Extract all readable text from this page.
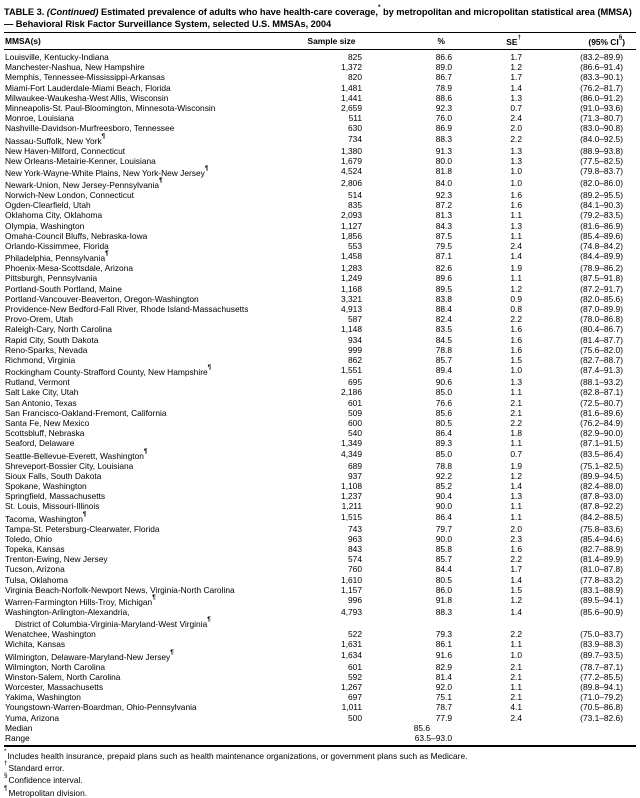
TABLE 3. (Continued) Estimated prevalence of adults who have health-care coverage,* by metropolitan and micropolitan statistical area (MMSA) — Behavioral Risk Factor Surveillance System, selected U.S. MMSAs, 2004
MMSA(s)	Sample size	%	SE†	(95% CI§)

Louisville, Kentucky-Indiana	825	86.6	1.7	(83.2–89.9)

Manchester-Nashua, New Hampshire	1,372	89.0	1.2	(86.6–91.4)

Memphis, Tennessee-Mississippi-Arkansas	820	86.7	1.7	(83.3–90.1)

Miami-Fort Lauderdale-Miami Beach, Florida	1,481	78.9	1.4	(76.2–81.7)

Milwaukee-Waukesha-West Allis, Wisconsin	1,441	88.6	1.3	(86.0–91.2)

Minneapolis-St. Paul-Bloomington, Minnesota-Wisconsin	2,659	92.3	0.7	(91.0–93.6)

Monroe, Louisiana	511	76.0	2.4	(71.3–80.7)

Nashville-Davidson-Murfreesboro, Tennessee	630	86.9	2.0	(83.0–90.8)

Nassau-Suffolk, New York¶	734	88.3	2.2	(84.0–92.5)

New Haven-Milford, Connecticut	1,380	91.3	1.3	(88.9–93.8)

New Orleans-Metairie-Kenner, Louisiana	1,679	80.0	1.3	(77.5–82.5)

New York-Wayne-White Plains, New York-New Jersey¶	4,524	81.8	1.0	(79.8–83.7)

Newark-Union, New Jersey-Pennsylvania¶	2,806	84.0	1.0	(82.0–86.0)

Norwich-New London, Connecticut	514	92.3	1.6	(89.2–95.5)

Ogden-Clearfield, Utah	835	87.2	1.6	(84.1–90.3)

Oklahoma City, Oklahoma	2,093	81.3	1.1	(79.2–83.5)

Olympia, Washington	1,127	84.3	1.3	(81.6–86.9)

Omaha-Council Bluffs, Nebraska-Iowa	1,856	87.5	1.1	(85.4–89.6)

Orlando-Kissimmee, Florida	553	79.5	2.4	(74.8–84.2)

Philadelphia, Pennsylvania¶	1,458	87.1	1.4	(84.4–89.9)

Phoenix-Mesa-Scottsdale, Arizona	1,283	82.6	1.9	(78.9–86.2)

Pittsburgh, Pennsylvania	1,249	89.6	1.1	(87.5–91.8)

Portland-South Portland, Maine	1,168	89.5	1.2	(87.2–91.7)

Portland-Vancouver-Beaverton, Oregon-Washington	3,321	83.8	0.9	(82.0–85.6)

Providence-New Bedford-Fall River, Rhode Island-Massachusetts	4,913	88.4	0.8	(87.0–89.9)

Provo-Orem, Utah	587	82.4	2.2	(78.0–86.8)

Raleigh-Cary, North Carolina	1,148	83.5	1.6	(80.4–86.7)

Rapid City, South Dakota	934	84.5	1.6	(81.4–87.7)

Reno-Sparks, Nevada	999	78.8	1.6	(75.6–82.0)

Richmond, Virginia	862	85.7	1.5	(82.7–88.7)

Rockingham County-Strafford County, New Hampshire¶	1,551	89.4	1.0	(87.4–91.3)

Rutland, Vermont	695	90.6	1.3	(88.1–93.2)

Salt Lake City, Utah	2,186	85.0	1.1	(82.8–87.1)

San Antonio, Texas	601	76.6	2.1	(72.5–80.7)

San Francisco-Oakland-Fremont, California	509	85.6	2.1	(81.6–89.6)

Santa Fe, New Mexico	600	80.5	2.2	(76.2–84.9)

Scottsbluff, Nebraska	540	86.4	1.8	(82.9–90.0)

Seaford, Delaware	1,349	89.3	1.1	(87.1–91.5)

Seattle-Bellevue-Everett, Washington¶	4,349	85.0	0.7	(83.5–86.4)

Shreveport-Bossier City, Louisiana	689	78.8	1.9	(75.1–82.5)

Sioux Falls, South Dakota	937	92.2	1.2	(89.9–94.5)

Spokane, Washington	1,108	85.2	1.4	(82.4–88.0)

Springfield, Massachusetts	1,237	90.4	1.3	(87.8–93.0)

St. Louis, Missouri-Illinois	1,211	90.0	1.1	(87.8–92.2)

Tacoma, Washington¶	1,515	86.4	1.1	(84.2–88.5)

Tampa-St. Petersburg-Clearwater, Florida	743	79.7	2.0	(75.8–83.6)

Toledo, Ohio	963	90.0	2.3	(85.4–94.6)

Topeka, Kansas	843	85.8	1.6	(82.7–88.9)

Trenton-Ewing, New Jersey	574	85.7	2.2	(81.4–89.9)

Tucson, Arizona	760	84.4	1.7	(81.0–87.8)

Tulsa, Oklahoma	1,610	80.5	1.4	(77.8–83.2)

Virginia Beach-Norfolk-Newport News, Virginia-North Carolina	1,157	86.0	1.5	(83.1–88.9)

Warren-Farmington Hills-Troy, Michigan¶	996	91.8	1.2	(89.5–94.1)

Washington-Arlington-Alexandria,
District of Columbia-Virginia-Maryland-West Virginia¶	4,793	88.3	1.4	(85.6–90.9)

Wenatchee, Washington	522	79.3	2.2	(75.0–83.7)

Wichita, Kansas	1,631	86.1	1.1	(83.9–88.3)

Wilmington, Delaware-Maryland-New Jersey¶	1,634	91.6	1.0	(89.7–93.5)

Wilmington, North Carolina	601	82.9	2.1	(78.7–87.1)

Winston-Salem, North Carolina	592	81.4	2.1	(77.2–85.5)

Worcester, Massachusetts	1,267	92.0	1.1	(89.8–94.1)

Yakima, Washington	697	75.1	2.1	(71.0–79.2)

Youngstown-Warren-Boardman, Ohio-Pennsylvania	1,011	78.7	4.1	(70.5–86.8)

Yuma, Arizona	500	77.9	2.4	(73.1–82.6)

Median		85.6		

Range		63.5–93.0		
*Includes health insurance, prepaid plans such as health maintenance organizations, or government plans such as Medicare.
†Standard error.
§Confidence interval.
¶Metropolitan division.
